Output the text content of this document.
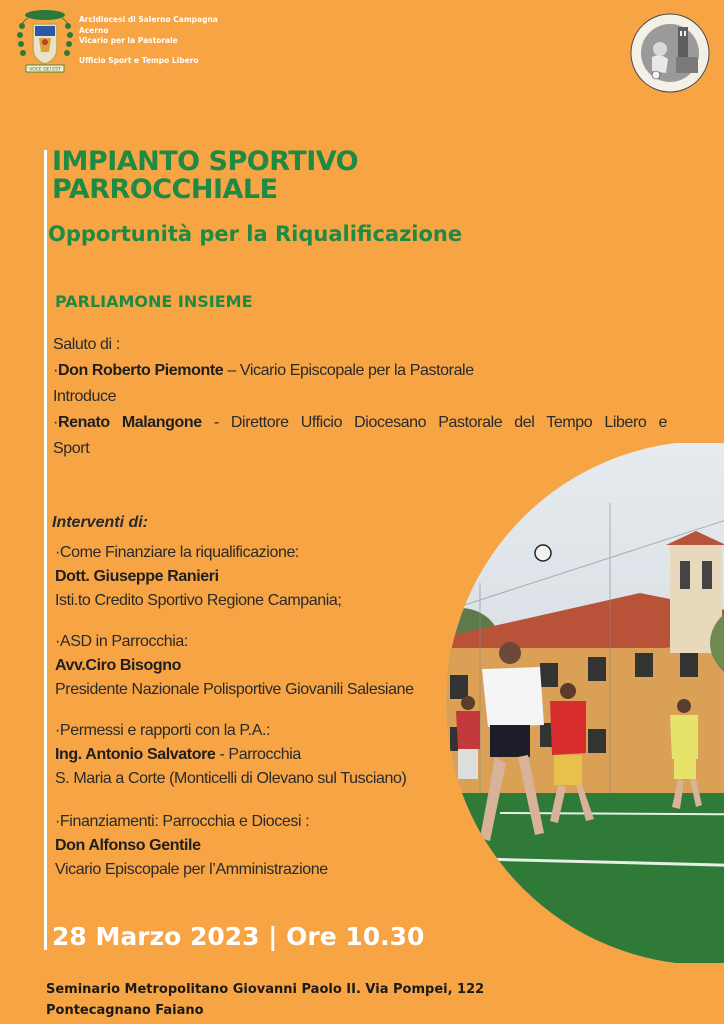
VOCE DEI EST
Arcidiocesi di Salerno Campagna
Acerno
Vicario per la Pastorale
Ufficio Sport e Tempo Libero
IMPIANTO SPORTIVO
PARROCCHIALE
Opportunità per la Riqualificazione
PARLIAMONE INSIEME
Saluto di :
·Don Roberto Piemonte – Vicario Episcopale per la Pastorale
Introduce
·Renato Malangone - Direttore Ufficio Diocesano Pastorale del Tempo Libero e
Sport
Interventi di:
·Come Finanziare la riqualificazione:
Dott. Giuseppe Ranieri
Isti.to Credito Sportivo Regione Campania;
·ASD in Parrocchia:
Avv.Ciro Bisogno
Presidente Nazionale Polisportive Giovanili Salesiane
·Permessi e rapporti con la P.A.:
Ing. Antonio Salvatore - Parrocchia
S. Maria a Corte (Monticelli di Olevano sul Tusciano)
·Finanziamenti: Parrocchia e Diocesi :
Don Alfonso Gentile
Vicario Episcopale per l’Amministrazione
28 Marzo 2023 | Ore 10.30
Seminario Metropolitano Giovanni Paolo II. Via Pompei, 122
Pontecagnano Faiano
